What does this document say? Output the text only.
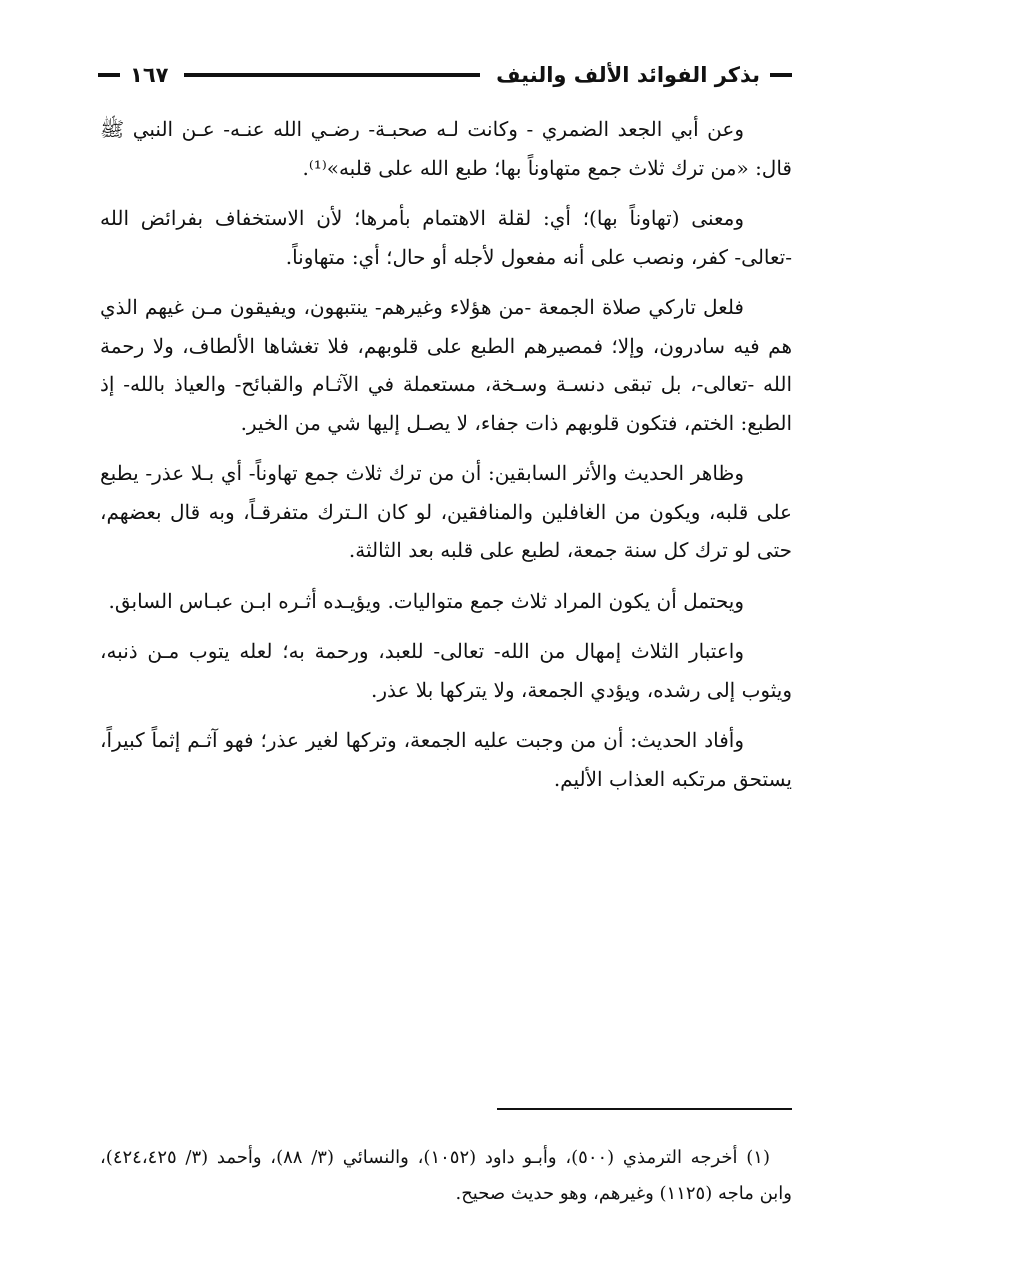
بذكر الفوائد الألف والنيف
١٦٧

وعن أبي الجعد الضمري - وكانت لـه صحبـة- رضـي الله عنـه- عـن النبي ﷺ قال: «من ترك ثلاث جمع متهاوناً بها؛ طبع الله على قلبه»⁽¹⁾.

ومعنى (تهاوناً بها)؛ أي: لقلة الاهتمام بأمرها؛ لأن الاستخفاف بفرائض الله -تعالى- كفر، ونصب على أنه مفعول لأجله أو حال؛ أي: متهاوناً.

فلعل تاركي صلاة الجمعة -من هؤلاء وغيرهم- ينتبهون، ويفيقون مـن غيهم الذي هم فيه سادرون، وإلا؛ فمصيرهم الطبع على قلوبهم، فلا تغشاها الألطاف، ولا رحمة الله -تعالى-، بل تبقى دنسـة وسـخة، مستعملة في الآثـام والقبائح- والعياذ بالله- إذ الطبع: الختم، فتكون قلوبهم ذات جفاء، لا يصـل إليها شي من الخير.

وظاهر الحديث والأثر السابقين: أن من ترك ثلاث جمع تهاوناً- أي بـلا عذر- يطبع على قلبه، ويكون من الغافلين والمنافقين، لو كان الـترك متفرقـاً، وبه قال بعضهم، حتى لو ترك كل سنة جمعة، لطبع على قلبه بعد الثالثة.

ويحتمل أن يكون المراد ثلاث جمع متواليات. ويؤيـده أثـره ابـن عبـاس السابق.

واعتبار الثلاث إمهال من الله- تعالى- للعبد، ورحمة به؛ لعله يتوب مـن ذنبه، ويثوب إلى رشده، ويؤدي الجمعة، ولا يتركها بلا عذر.

وأفاد الحديث: أن من وجبت عليه الجمعة، وتركها لغير عذر؛ فهو آثـم إثماً كبيراً، يستحق مرتكبه العذاب الأليم.

(١) أخرجه الترمذي (٥٠٠)، وأبـو داود (١٠٥٢)، والنسائي (٣/ ٨٨)، وأحمد (٣/ ٤٢٤،٤٢٥)، وابن ماجه (١١٢٥) وغيرهم، وهو حديث صحيح.
